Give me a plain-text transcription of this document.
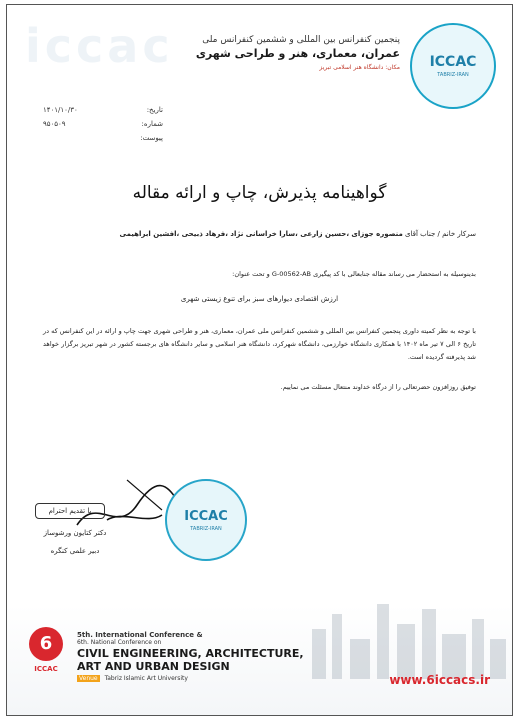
iccac	پنجمین کنفرانس بین المللی و ششمین کنفرانس ملی
عمران، معماری، هنر و طراحی شهری
مکان: دانشگاه هنر اسلامی تبریز ICCAC
TABRIZ-IRAN
تاریخ:
۱۴۰۱/۱۰/۳۰
شماره:
۹۵۰۵۰۹
پیوست:
گواهینامه پذیرش، چاپ و ارائه مقاله
سرکار خانم / جناب آقای منصوره جوزای ،حسین زارعی ،سارا خراسانی نژاد ،فرهاد ذبیحی ،افشین ابراهیمی
بدینوسیله به استحضار می رساند مقاله جنابعالی با کد پیگیری G-00562-AB و تحت عنوان:
ارزش اقتصادی دیوارهای سبز برای تنوع زیستی شهری
با توجه به نظر کمیته داوری پنجمین کنفرانس بین المللی و ششمین کنفرانس ملی عمران، معماری، هنر و طراحی شهری جهت چاپ و ارائه در این کنفرانس که در تاریخ ۶ الی ۷ تیر ماه ۱۴۰۲ با همکاری دانشگاه خوارزمی، دانشگاه شهرکرد، دانشگاه هنر اسلامی و سایر دانشگاه های برجسته کشور در شهر تبریز برگزار خواهد شد پذیرفته گردیده است.
توفیق روزافزون حضرتعالی را از درگاه خداوند منتعال مسئلت می نماییم.
با تقدیم احترام
دکتر کتایون ورشوساز
دبیر علمی کنگره
ICCAC
TABRIZ-IRAN
6
ICCAC
5th. International Conference &
6th. National Conference on
CIVIL ENGINEERING, ARCHITECTURE,
ART AND URBAN DESIGN
Venue Tabriz Islamic Art University	www.6iccacs.ir
